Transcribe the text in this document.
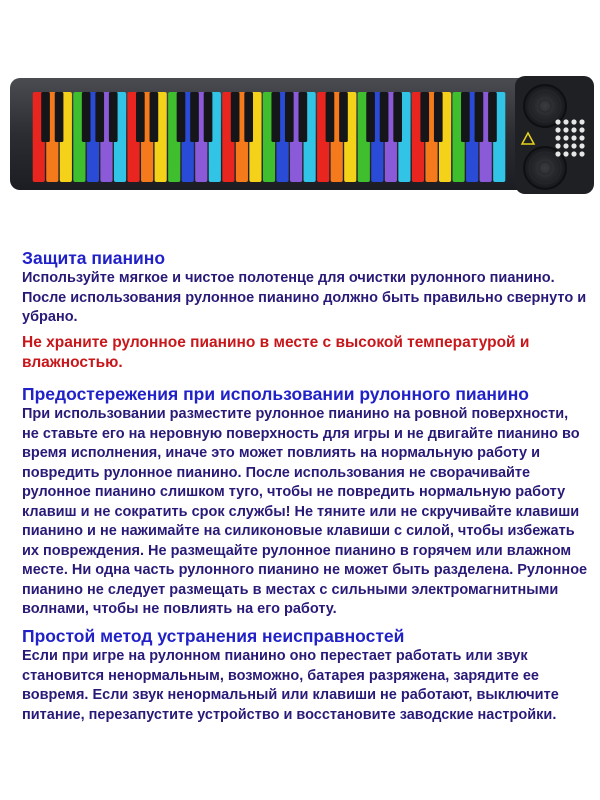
Защита пианино

Используйте мягкое и чистое полотенце для очистки рулонного пианино. После использования рулонное пианино должно быть правильно свернуто и убрано.

Не храните рулонное пианино в месте с высокой температурой и влажностью.

Предостережения при использовании рулонного пианино

При использовании разместите рулонное пианино на ровной поверхности, не ставьте его на неровную поверхность для игры и не двигайте пианино во время исполнения, иначе это может повлиять на нормальную работу и повредить рулонное пианино. После использования не сворачивайте рулонное пианино слишком туго, чтобы не повредить нормальную работу клавиш и не сократить срок службы! Не тяните или не скручивайте клавиши пианино и не нажимайте на силиконовые клавиши с силой, чтобы избежать их повреждения. Не размещайте рулонное пианино в горячем или влажном месте. Ни одна часть рулонного пианино не может быть разделена. Рулонное пианино не следует размещать в местах с сильными электромагнитными волнами, чтобы не повлиять на его работу.

Простой метод устранения неисправностей

Если при игре на рулонном пианино оно перестает работать или звук становится ненормальным, возможно, батарея разряжена, зарядите ее вовремя. Если звук ненормальный или клавиши не работают, выключите питание, перезапустите устройство и восстановите заводские настройки.
